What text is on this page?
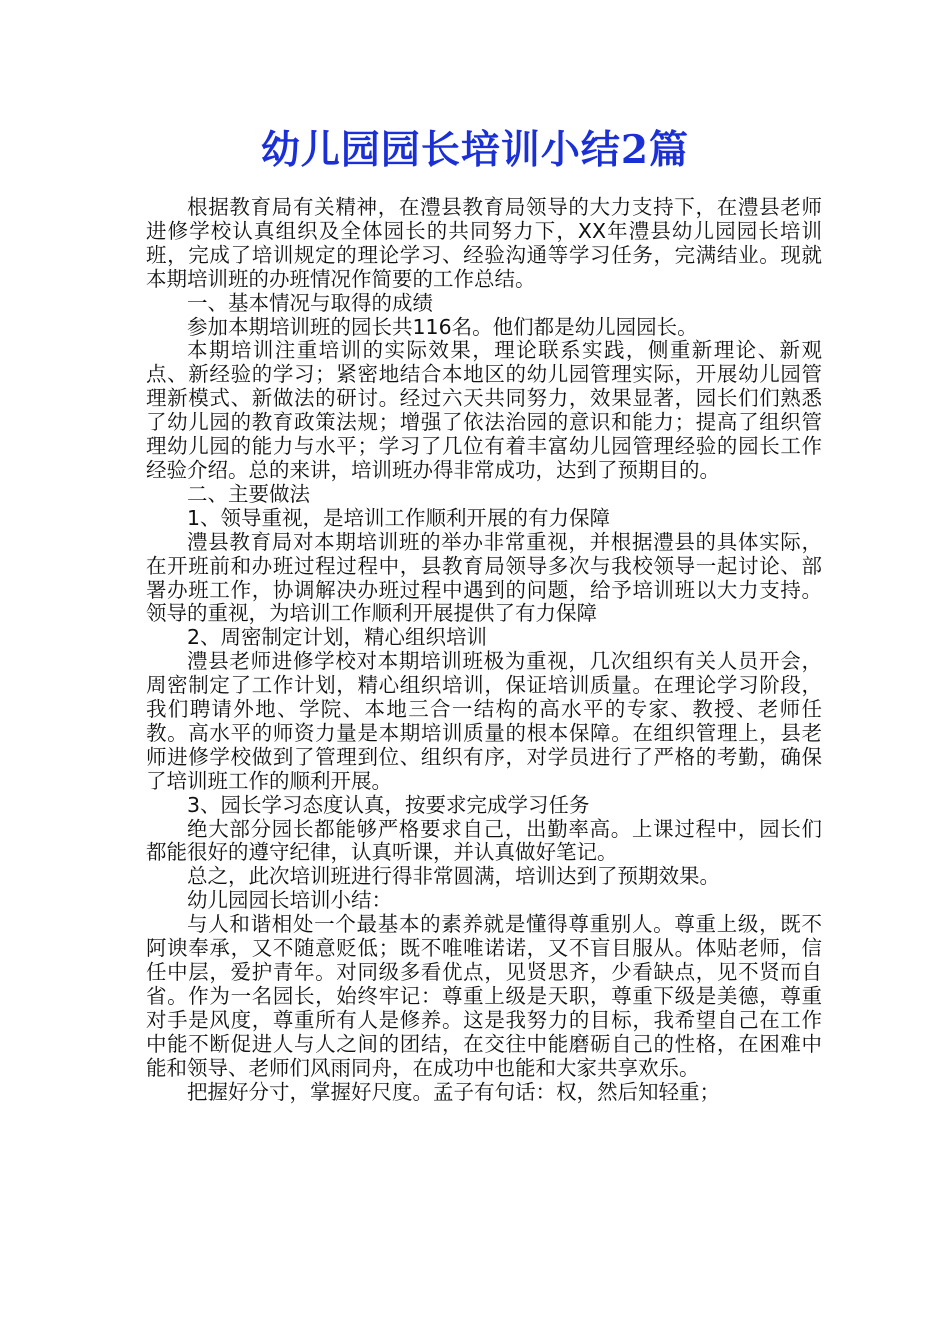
幼儿园园长培训小结2篇

根据教育局有关精神，在澧县教育局领导的大力支持下，在澧县老师进修学校认真组织及全体园长的共同努力下，XX年澧县幼儿园园长培训班，完成了培训规定的理论学习、经验沟通等学习任务，完满结业。现就本期培训班的办班情况作简要的工作总结。

一、基本情况与取得的成绩

参加本期培训班的园长共116名。他们都是幼儿园园长。

本期培训注重培训的实际效果，理论联系实践，侧重新理论、新观点、新经验的学习；紧密地结合本地区的幼儿园管理实际，开展幼儿园管理新模式、新做法的研讨。经过六天共同努力，效果显著，园长们们熟悉了幼儿园的教育政策法规；增强了依法治园的意识和能力；提高了组织管理幼儿园的能力与水平；学习了几位有着丰富幼儿园管理经验的园长工作经验介绍。总的来讲，培训班办得非常成功，达到了预期目的。

二、主要做法

1、领导重视，是培训工作顺利开展的有力保障

澧县教育局对本期培训班的举办非常重视，并根据澧县的具体实际，在开班前和办班过程过程中，县教育局领导多次与我校领导一起讨论、部署办班工作，协调解决办班过程中遇到的问题，给予培训班以大力支持。领导的重视，为培训工作顺利开展提供了有力保障

2、周密制定计划，精心组织培训

澧县老师进修学校对本期培训班极为重视，几次组织有关人员开会，周密制定了工作计划，精心组织培训，保证培训质量。在理论学习阶段，我们聘请外地、学院、本地三合一结构的高水平的专家、教授、老师任教。高水平的师资力量是本期培训质量的根本保障。在组织管理上，县老师进修学校做到了管理到位、组织有序，对学员进行了严格的考勤，确保了培训班工作的顺利开展。

3、园长学习态度认真，按要求完成学习任务

绝大部分园长都能够严格要求自己，出勤率高。上课过程中，园长们都能很好的遵守纪律，认真听课，并认真做好笔记。

总之，此次培训班进行得非常圆满，培训达到了预期效果。

幼儿园园长培训小结：

与人和谐相处一个最基本的素养就是懂得尊重别人。尊重上级，既不阿谀奉承，又不随意贬低；既不唯唯诺诺，又不盲目服从。体贴老师，信任中层，爱护青年。对同级多看优点，见贤思齐，少看缺点，见不贤而自省。作为一名园长，始终牢记：尊重上级是天职，尊重下级是美德，尊重对手是风度，尊重所有人是修养。这是我努力的目标，我希望自己在工作中能不断促进人与人之间的团结，在交往中能磨砺自己的性格，在困难中能和领导、老师们风雨同舟，在成功中也能和大家共享欢乐。

把握好分寸，掌握好尺度。孟子有句话：权，然后知轻重；
